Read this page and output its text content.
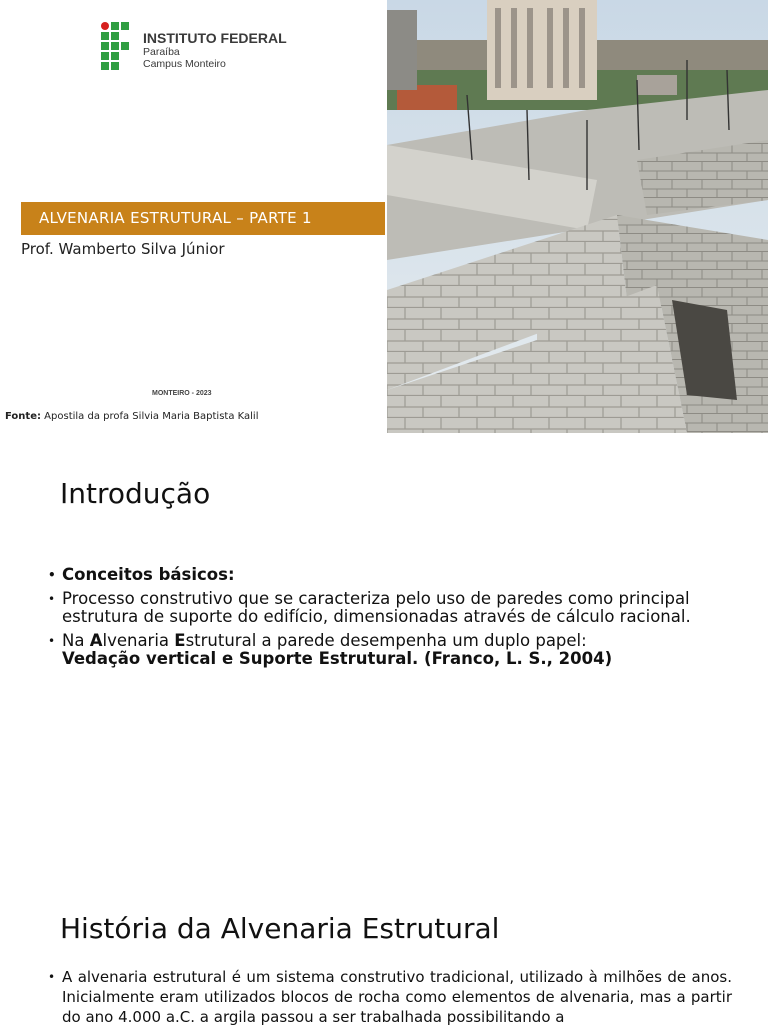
INSTITUTO FEDERAL
Paraíba
Campus Monteiro
ALVENARIA ESTRUTURAL – PARTE 1
Prof. Wamberto Silva Júnior
MONTEIRO - 2023
Fonte: Apostila da profa Silvia Maria Baptista Kalil
Introdução
• Conceitos básicos:
• Processo construtivo que se caracteriza pelo uso de paredes como principal estrutura de suporte do edifício, dimensionadas através de cálculo racional.
• Na Alvenaria Estrutural a parede desempenha um duplo papel:
Vedação vertical e Suporte Estrutural. (Franco, L. S., 2004)
História da Alvenaria Estrutural
• A alvenaria estrutural é um sistema construtivo tradicional, utilizado à milhões de anos. Inicialmente eram utilizados blocos de rocha como elementos de alvenaria, mas a partir do ano 4.000 a.C. a argila passou a ser trabalhada possibilitando a
